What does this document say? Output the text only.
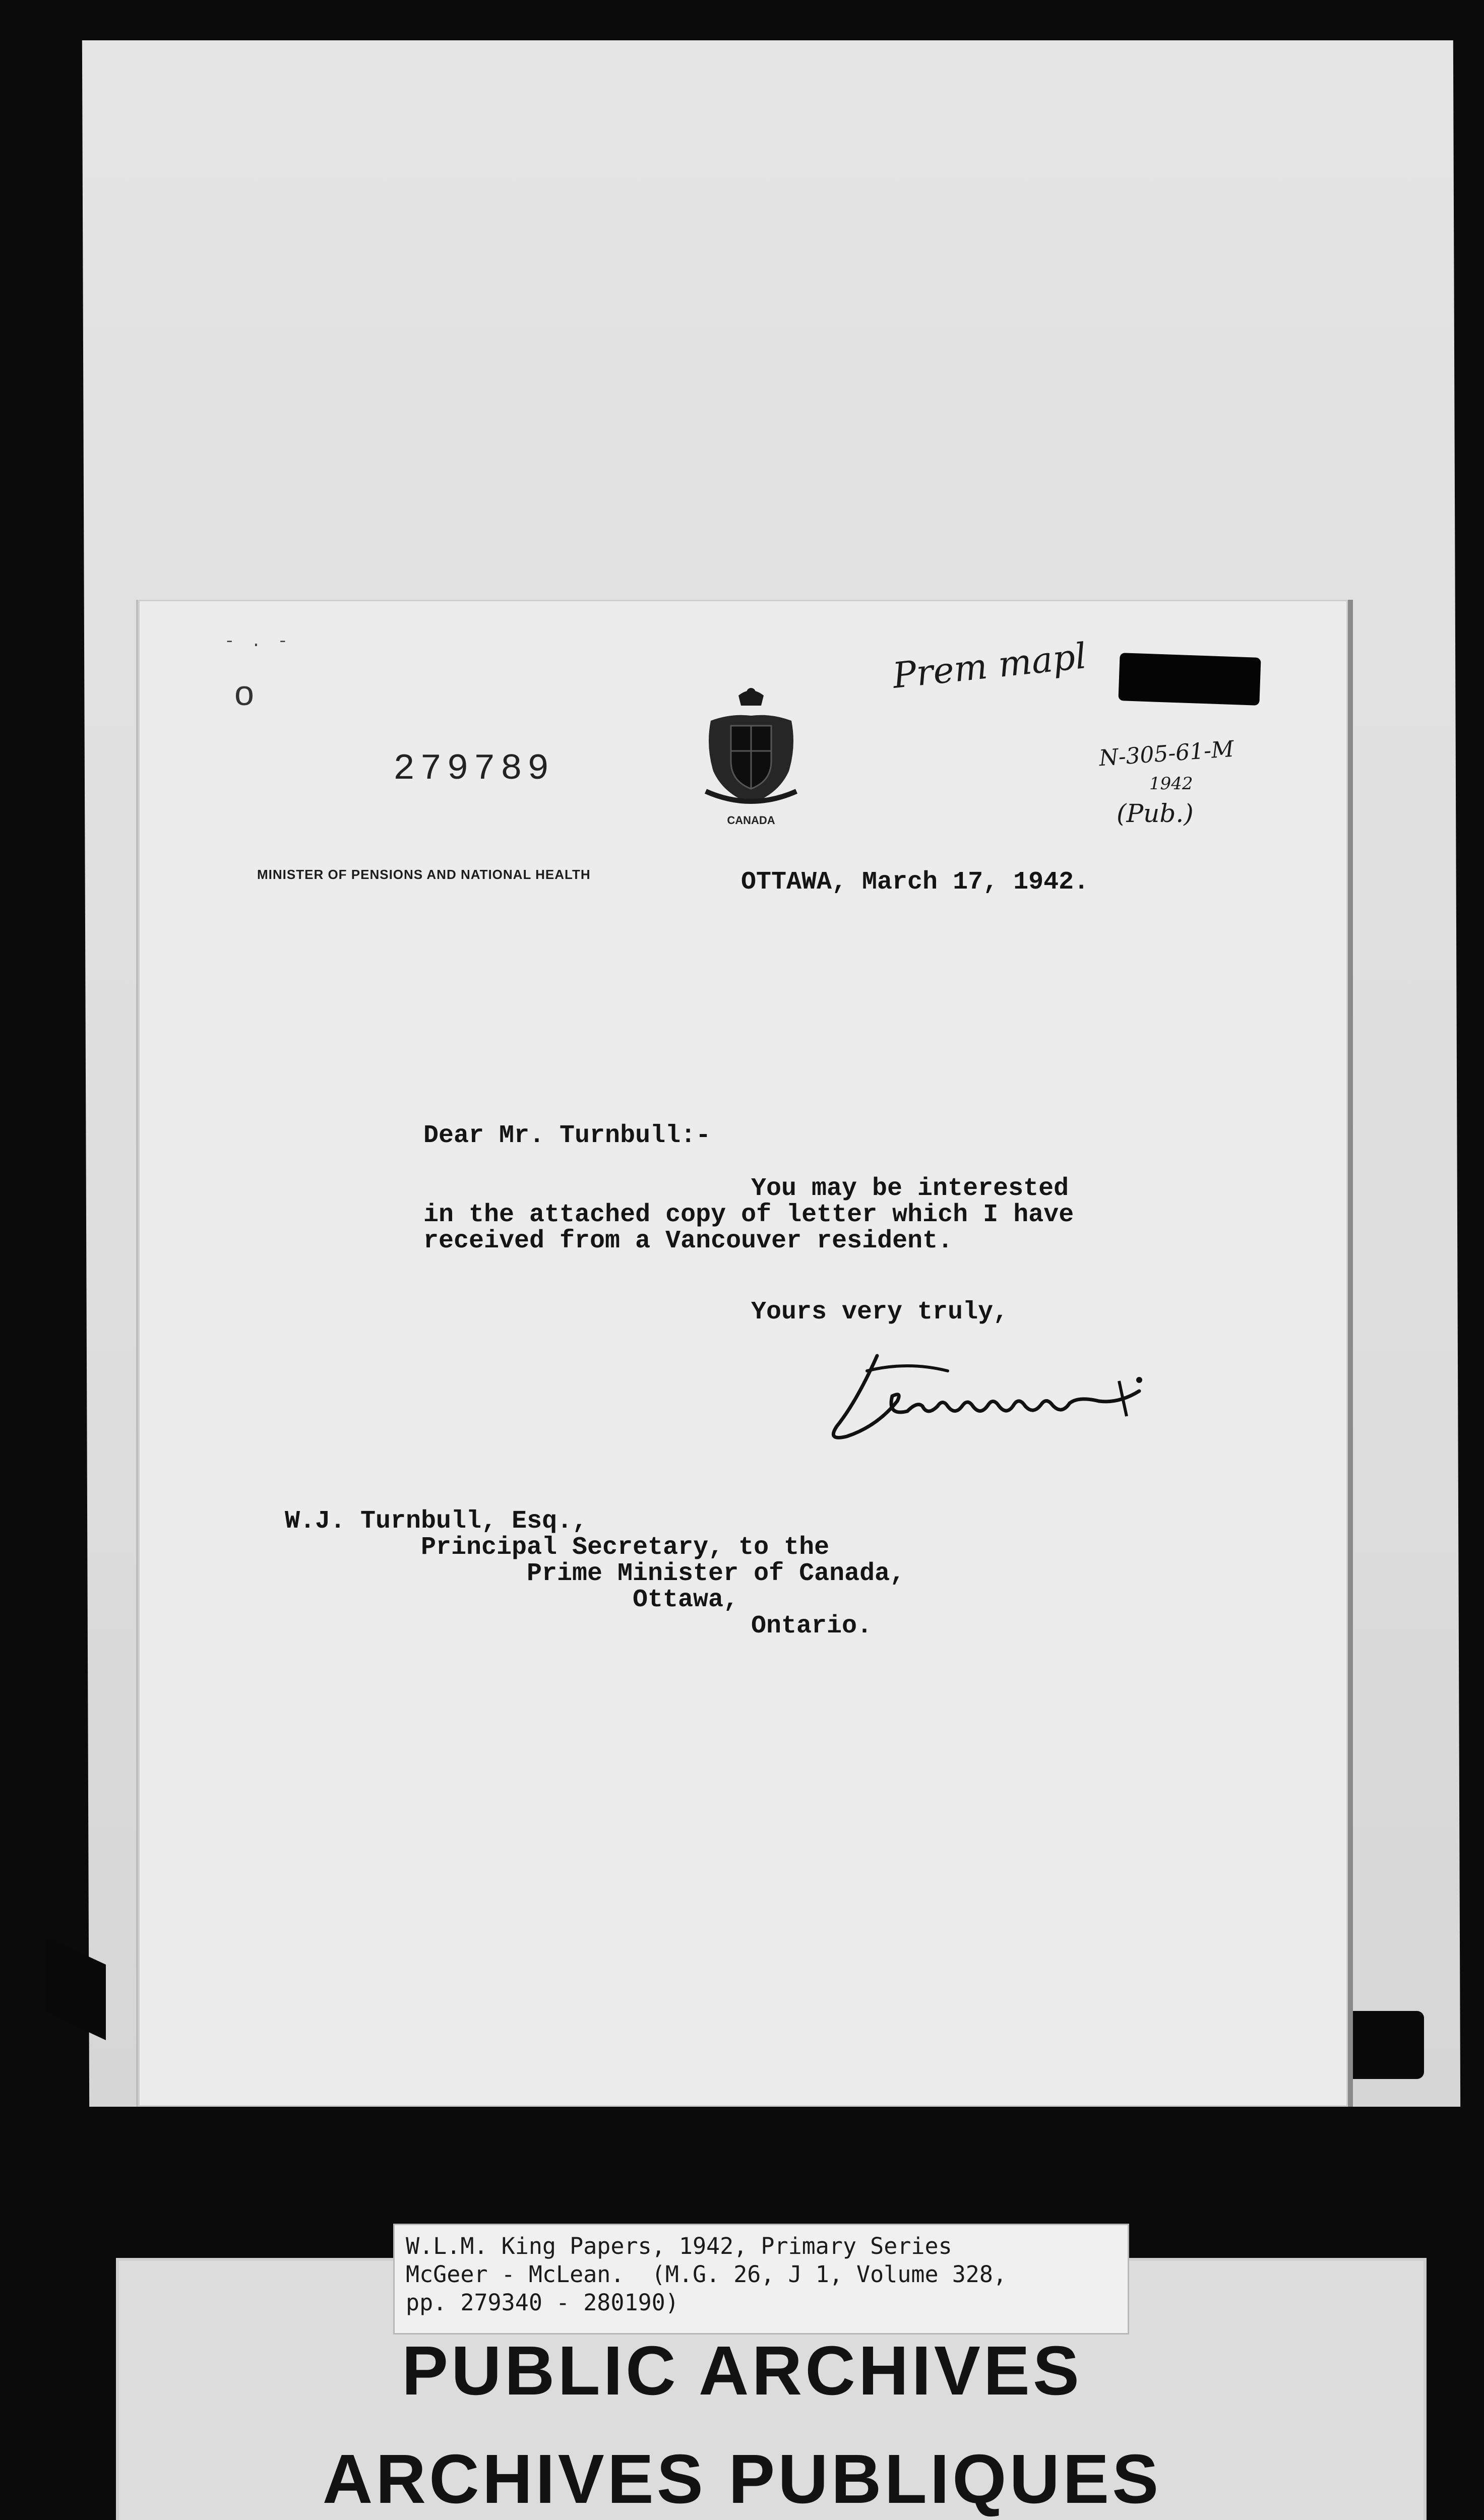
- . -
o
279789
CANADA
MINISTER OF PENSIONS AND NATIONAL HEALTH	OTTAWA, March 17, 1942.
Dear Mr. Turnbull:-
You may be interested
in the attached copy of letter which I have
received from a Vancouver resident.
Yours very truly,
W.J. Turnbull, Esq.,
Principal Secretary, to the
Prime Minister of Canada,
Ottawa,
Ontario.
Prem mapl
N-305-61-M
1942
(Pub.)
W.L.M. King Papers, 1942, Primary Series
McGeer - McLean.  (M.G. 26, J 1, Volume 328,
pp. 279340 - 280190)
PUBLIC ARCHIVES
ARCHIVES PUBLIQUES
